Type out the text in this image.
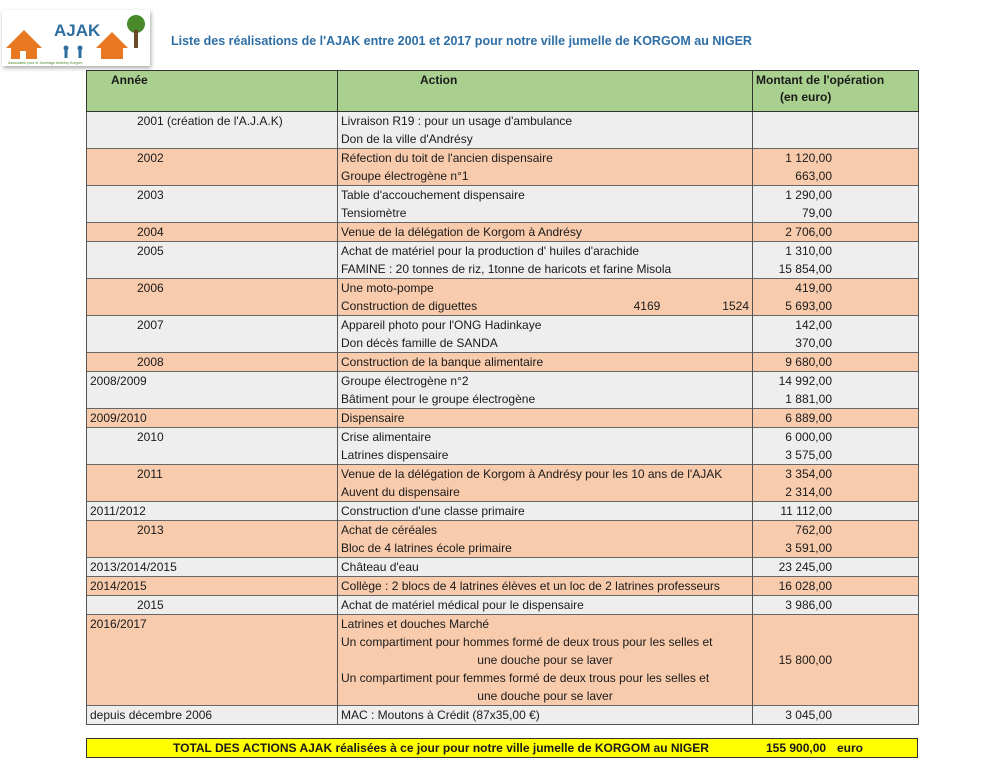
AJAK
Association pour le Jumelage Andrésy Korgom
Liste des réalisations de l'AJAK entre 2001 et 2017 pour notre ville jumelle de KORGOM au NIGER
Année	Action	Montant de l'opération
(en euro)

2001 (création de l'A.J.A.K)	Livraison R19 : pour un usage d'ambulance	
	Don de la ville d'Andrésy	
2002	Réfection du toit de l'ancien dispensaire	1 120,00
	Groupe électrogène n°1	663,00
2003	Table d'accouchement dispensaire	1 290,00
	Tensiomètre	79,00
2004	Venue de la délégation de Korgom à Andrésy	2 706,00
2005	Achat de matériel pour la production d' huiles d'arachide	1 310,00
	FAMINE : 20 tonnes de riz, 1tonne de haricots et farine Misola	15 854,00
2006	Une moto-pompe	419,00
	Construction de diguettes 4169 1524	5 693,00
2007	Appareil photo pour l'ONG Hadinkaye	142,00
	Don décès famille de SANDA	370,00
2008	Construction de la banque alimentaire	9 680,00
2008/2009	Groupe électrogène n°2	14 992,00
	Bâtiment pour le groupe électrogène	1 881,00
2009/2010	Dispensaire	6 889,00
2010	Crise alimentaire	6 000,00
	Latrines dispensaire	3 575,00
2011	Venue de la délégation de Korgom à Andrésy pour les 10 ans de l'AJAK	3 354,00
	Auvent du dispensaire	2 314,00
2011/2012	Construction d'une classe primaire	11 112,00
2013	Achat de céréales	762,00
	Bloc de 4 latrines école primaire	3 591,00
2013/2014/2015	Château d'eau	23 245,00
2014/2015	Collège : 2 blocs de 4 latrines élèves et un loc de 2 latrines professeurs	16 028,00
2015	Achat de matériel médical pour le dispensaire	3 986,00
2016/2017	Latrines et douches Marché	
	Un compartiment pour hommes formé de deux trous pour les selles et	
	une douche pour se laver	15 800,00
	Un compartiment pour femmes formé de deux trous pour les selles et	
	une douche pour se laver	
depuis décembre 2006	MAC : Moutons à Crédit (87x35,00 €)	3 045,00
TOTAL DES ACTIONS AJAK réalisées à ce jour pour notre ville jumelle de KORGOM au NIGER	155 900,00 euro
